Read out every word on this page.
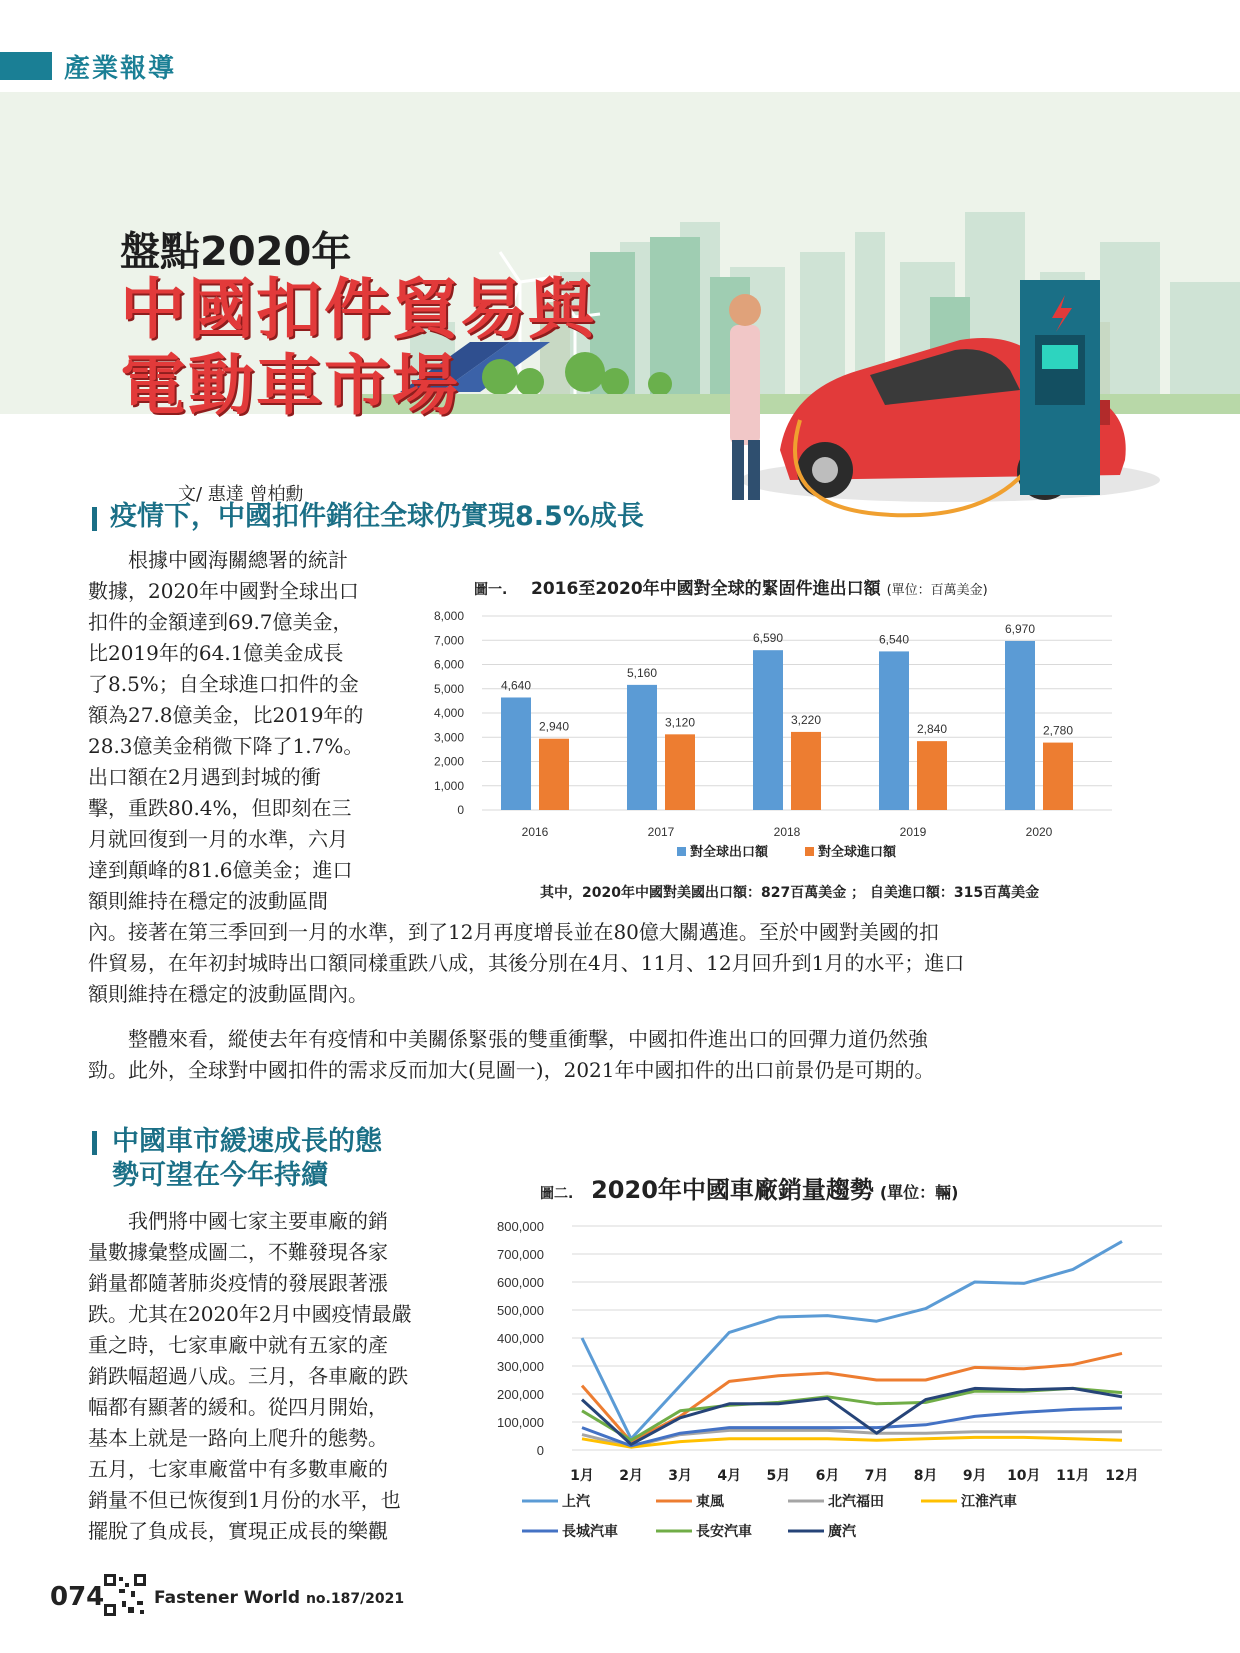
產業報導
盤點2020年
中國扣件貿易與
電動車市場
文/ 惠達 曾柏勳
疫情下，中國扣件銷往全球仍實現8.5%成長
根據中國海關總署的統計
數據，2020年中國對全球出口
扣件的金額達到69.7億美金，
比2019年的64.1億美金成長
了8.5%；自全球進口扣件的金
額為27.8億美金，比2019年的
28.3億美金稍微下降了1.7%。
出口額在2月遇到封城的衝
擊，重跌80.4%，但即刻在三
月就回復到一月的水準，六月
達到顛峰的81.6億美金；進口
額則維持在穩定的波動區間
內。接著在第三季回到一月的水準，到了12月再度增長並在80億大關邁進。至於中國對美國的扣
件貿易，在年初封城時出口額同樣重跌八成，其後分別在4月、11月、12月回升到1月的水平；進口
額則維持在穩定的波動區間內。
整體來看，縱使去年有疫情和中美關係緊張的雙重衝擊，中國扣件進出口的回彈力道仍然強
勁。此外，全球對中國扣件的需求反而加大(見圖一)，2021年中國扣件的出口前景仍是可期的。
圖一. 2016至2020年中國對全球的緊固件進出口額 (單位：百萬美金)
0
1,000
2,000
3,000
4,000
5,000
6,000
7,000
8,000
4,640
2,940
2016
5,160
3,120
2017
6,590
3,220
2018
6,540
2,840
2019
6,970
2,780
2020
對全球出口額	對全球進口額
其中，2020年中國對美國出口額：827百萬美金 ； 自美進口額：315百萬美金
中國車市緩速成長的態
勢可望在今年持續
我們將中國七家主要車廠的銷
量數據彙整成圖二，不難發現各家
銷量都隨著肺炎疫情的發展跟著漲
跌。尤其在2020年2月中國疫情最嚴
重之時，七家車廠中就有五家的產
銷跌幅超過八成。三月，各車廠的跌
幅都有顯著的緩和。從四月開始，
基本上就是一路向上爬升的態勢。
五月，七家車廠當中有多數車廠的
銷量不但已恢復到1月份的水平，也
擺脫了負成長，實現正成長的樂觀
圖二. 2020年中國車廠銷量趨勢 (單位：輛)
0
100,000
200,000
300,000
400,000
500,000
600,000
700,000
800,000
1月 2月 3月 4月 5月 6月 7月 8月 9月 10月 11月 12月
上汽	東風	北汽福田	江淮汽車
長城汽車	長安汽車	廣汽
074	Fastener World no.187/2021
